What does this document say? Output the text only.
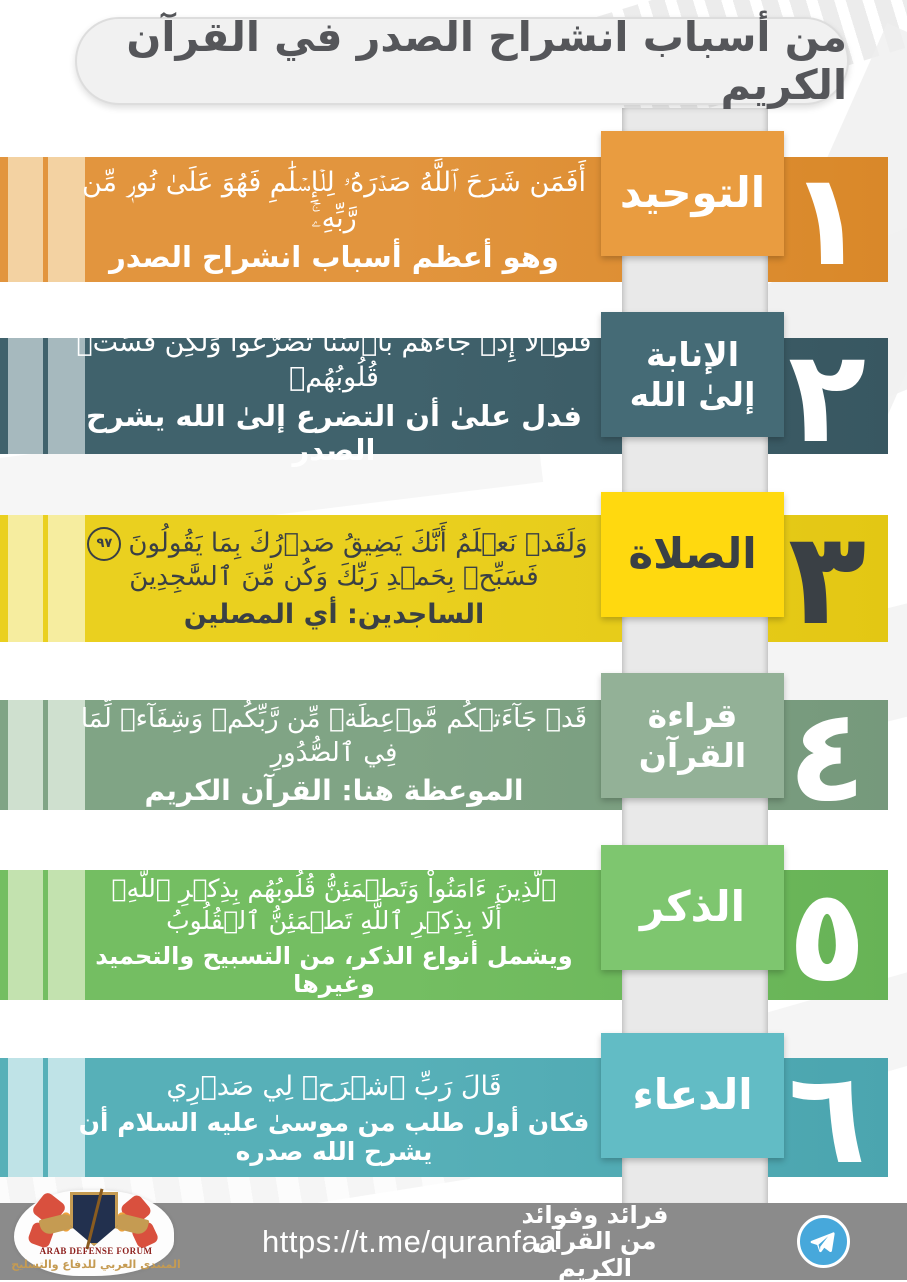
من أسباب انشراح الصدر في القرآن الكريم
أَفَمَن شَرَحَ ٱللَّهُ صَدۡرَهُۥ لِلۡإِسۡلَٰمِ فَهُوَ عَلَىٰ نُورٖ مِّن رَّبِّهِۦۚ
وهو أعظم أسباب انشراح الصدر ١
التوحيد
فَلَوۡلَآ إِذۡ جَآءَهُم بَأۡسُنَا تَضَرَّعُواْ وَلَٰكِن قَسَتۡ قُلُوبُهُمۡ
فدل علىٰ أن التضرع إلىٰ الله يشرح الصدر	٢
الإنابة
إلىٰ الله
وَلَقَدۡ نَعۡلَمُ أَنَّكَ يَضِيقُ صَدۡرُكَ بِمَا يَقُولُونَ٩٧
فَسَبِّحۡ بِحَمۡدِ رَبِّكَ وَكُن مِّنَ ٱلسَّٰجِدِينَ
الساجدين: أي المصلين ٣
الصلاة
قَدۡ جَآءَتۡكُم مَّوۡعِظَةٞ مِّن رَّبِّكُمۡ وَشِفَآءٞ لِّمَا فِي ٱلصُّدُورِ
الموعظة هنا: القرآن الكريم ٤
قراءة
القرآن
ٱلَّذِينَ ءَامَنُواْ وَتَطۡمَئِنُّ قُلُوبُهُم بِذِكۡرِ ٱللَّهِۗ
أَلَا بِذِكۡرِ ٱللَّهِ تَطۡمَئِنُّ ٱلۡقُلُوبُ
ويشمل أنواع الذكر، من التسبيح والتحميد وغيرها	٥
الذكر
قَالَ رَبِّ ٱشۡرَحۡ لِي صَدۡرِي
فكان أول طلب من موسىٰ عليه السلام أن يشرح الله صدره	٦
الدعاء
https://t.me/quranfaa
فرائد وفوائد من القرآن الكريم
ARAB DEFENSE FORUM
المنتدى العربي للدفاع والتسليح
